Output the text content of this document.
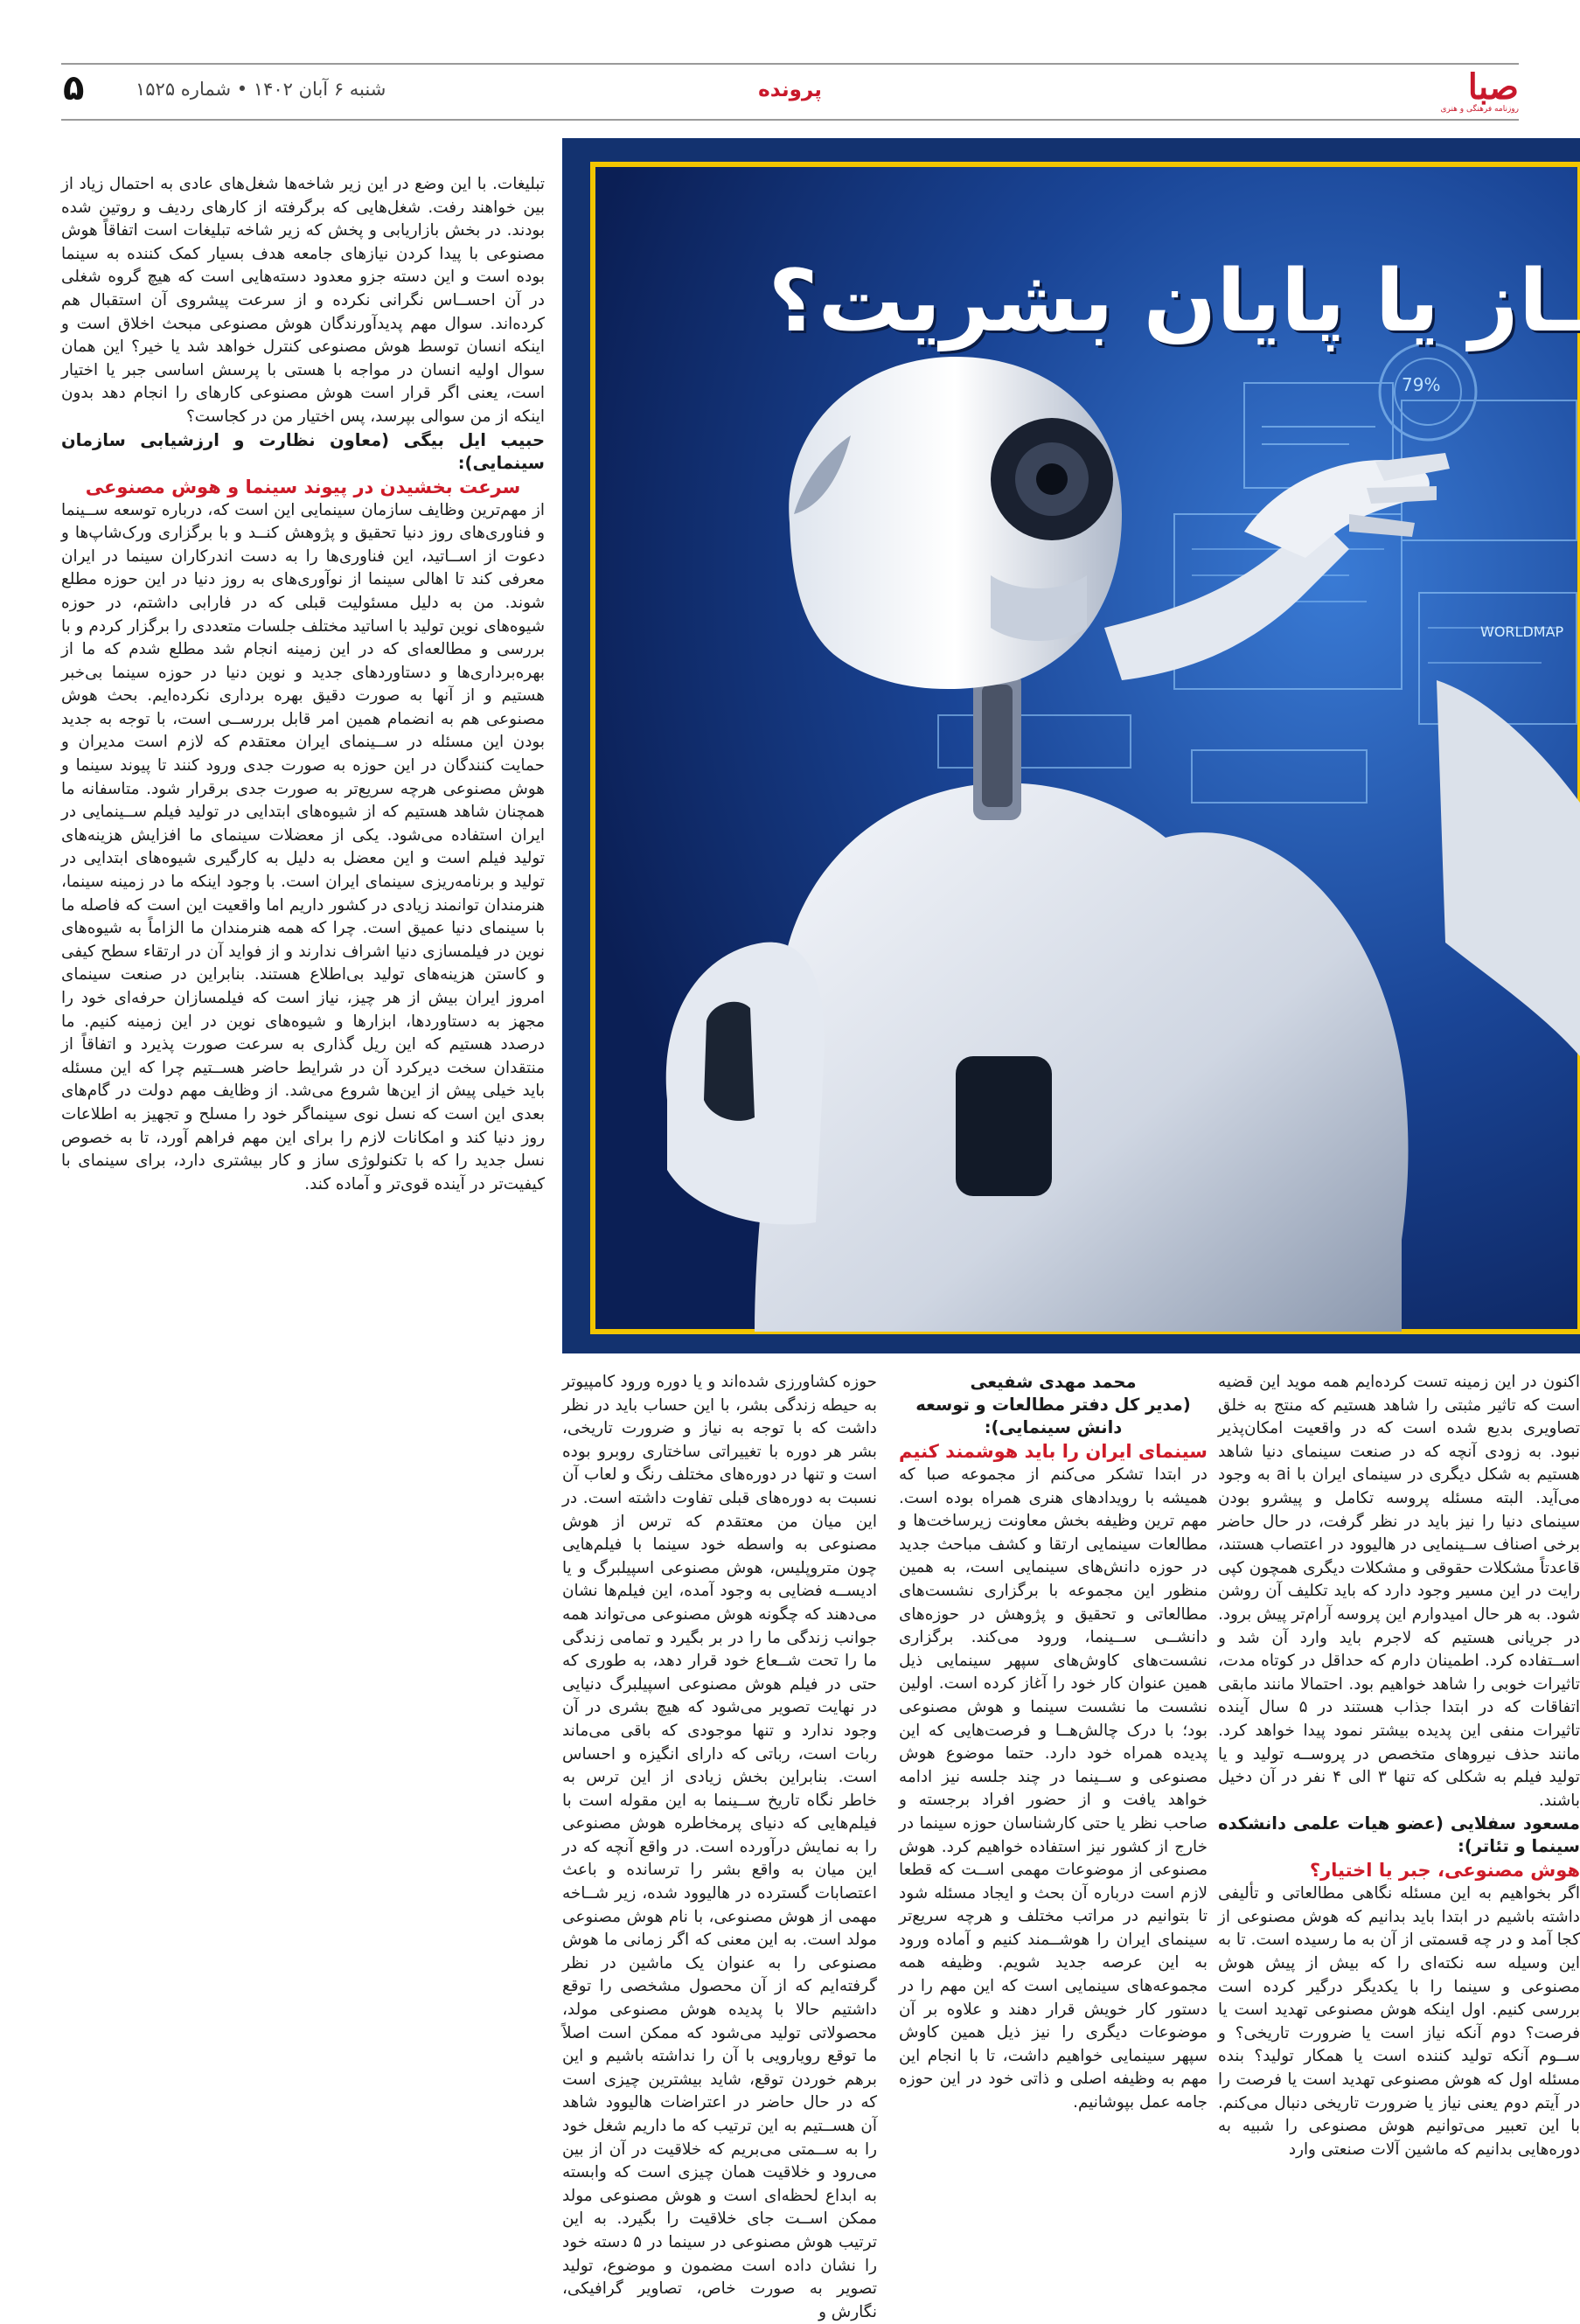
۵	شنبه ۶ آبان ۱۴۰۲ • شماره ۱۵۲۵	پرونده	صبا
روزنامه فرهنگی و هنری
ـاز یا پایان بشریت؟
79%
WORLDMAP

تبلیغات. با این وضع در این زیر شاخه‌ها شغل‌های عادی به احتمال زیاد از بین خواهند رفت. شغل‌هایی که برگرفته از کارهای ردیف و روتین شده بودند. در بخش بازاریابی و پخش که زیر شاخه تبلیغات است اتفاقاً هوش مصنوعی با پیدا کردن نیازهای جامعه هدف بسیار کمک کننده به سینما بوده است و این دسته جزو معدود دسته‌هایی است که هیچ گروه شغلی در آن احســاس نگرانی نکرده و از سرعت پیشروی آن استقبال هم کرده‌اند. سوال مهم پدیدآورندگان هوش مصنوعی مبحث اخلاق است و اینکه انسان توسط هوش مصنوعی کنترل خواهد شد یا خیر؟ این همان سوال اولیه انسان در مواجه با هستی با پرسش اساسی جبر یا اختیار است، یعنی اگر قرار است هوش مصنوعی کارهای را انجام دهد بدون اینکه از من سوالی بپرسد، پس اختیار من در کجاست؟

حبیب ایل بیگی (معاون نظارت و ارزشیابی سازمان سینمایی):

سرعت بخشیدن در پیوند سینما و هوش مصنوعی

از مهم‌ترین وظایف سازمان سینمایی این است که، درباره توسعه ســینما و فناوری‌های روز دنیا تحقیق و پژوهش کنــد و با برگزاری ورک‌شاپ‌ها و دعوت از اســاتید، این فناوری‌ها را به دست اندرکاران سینما در ایران معرفی کند تا اهالی سینما از نوآوری‌های به روز دنیا در این حوزه مطلع شوند. من به دلیل مسئولیت قبلی که در فارابی داشتم، در حوزه شیوه‌های نوین تولید با اساتید مختلف جلسات متعددی را برگزار کردم و با بررسی و مطالعه‌ای که در این زمینه انجام شد مطلع شدم که ما از بهره‌برداری‌ها و دستاوردهای جدید و نوین دنیا در حوزه سینما بی‌خبر هستیم و از آنها به صورت دقیق بهره برداری نکرده‌ایم. بحث هوش مصنوعی هم به انضمام همین امر قابل بررســی است، با توجه به جدید بودن این مسئله در ســینمای ایران معتقدم که لازم است مدیران و حمایت کنندگان در این حوزه به صورت جدی ورود کنند تا پیوند سینما و هوش مصنوعی هرچه سریع‌تر به صورت جدی برقرار شود. متاسفانه ما همچنان شاهد هستیم که از شیوه‌های ابتدایی در تولید فیلم ســینمایی در ایران استفاده می‌شود. یکی از معضلات سینمای ما افزایش هزینه‌های تولید فیلم است و این معضل به دلیل به کارگیری شیوه‌های ابتدایی در تولید و برنامه‌ریزی سینمای ایران است. با وجود اینکه ما در زمینه سینما، هنرمندان توانمند زیادی در کشور داریم اما واقعیت این است که فاصله ما با سینمای دنیا عمیق است. چرا که همه هنرمندان ما الزاماً به شیوه‌های نوین در فیلمسازی دنیا اشراف ندارند و از فواید آن در ارتقاء سطح کیفی و کاستن هزینه‌های تولید بی‌اطلاع هستند. بنابراین در صنعت سینمای امروز ایران بیش از هر چیز، نیاز است که فیلمسازان حرفه‌ای خود را مجهز به دستاوردها، ابزارها و شیوه‌های نوین در این زمینه کنیم. ما درصدد هستیم که این ریل گذاری به سرعت صورت پذیرد و اتفاقاً از منتقدان سخت دیرکرد آن در شرایط حاضر هســتیم چرا که این مسئله باید خیلی پیش از این‌ها شروع می‌شد. از وظایف مهم دولت در گام‌های بعدی این است که نسل نوی سینماگر خود را مسلح و تجهیز به اطلاعات روز دنیا کند و امکانات لازم را برای این مهم فراهم آورد، تا به خصوص نسل جدید را که با تکنولوژی ساز و کار بیشتری دارد، برای سینمای با کیفیت‌تر در آینده قوی‌تر و آماده کند.

حوزه کشاورزی شده‌اند و یا دوره ورود کامپیوتر به حیطه زندگی بشر، با این حساب باید در نظر داشت که با توجه به نیاز و ضرورت تاریخی، بشر هر دوره با تغییراتی ساختاری روبرو بوده است و تنها در دوره‌های مختلف رنگ و لعاب آن نسبت به دوره‌های قبلی تفاوت داشته است. در این میان من معتقدم که ترس از هوش مصنوعی به واسطه خود سینما با فیلم‌هایی چون متروپلیس، هوش مصنوعی اسپیلبرگ و یا ادیســه فضایی به وجود آمده، این فیلم‌ها نشان می‌دهند که چگونه هوش مصنوعی می‌تواند همه جوانب زندگی ما را در بر بگیرد و تمامی زندگی ما را تحت شــعاع خود قرار دهد، به طوری که حتی در فیلم هوش مصنوعی اسپیلبرگ دنیایی در نهایت تصویر می‌شود که هیچ بشری در آن وجود ندارد و تنها موجودی که باقی می‌ماند ربات است، رباتی که دارای انگیزه و احساس است. بنابراین بخش زیادی از این ترس به خاطر نگاه تاریخ ســینما به این مقوله است با فیلم‌هایی که دنیای پرمخاطره هوش مصنوعی را به نمایش درآورده است. در واقع آنچه که در این میان به واقع بشر را ترسانده و باعث اعتصابات گسترده در هالیوود شده، زیر شــاخه مهمی از هوش مصنوعی، با نام هوش مصنوعی مولد است. به این معنی که اگر زمانی ما هوش مصنوعی را به عنوان یک ماشین در نظر گرفته‌ایم که از آن محصول مشخصی را توقع داشتیم حالا با پدیده هوش مصنوعی مولد، محصولاتی تولید می‌شود که ممکن است اصلاً ما توقع رویارویی با آن را نداشته باشیم و این برهم خوردن توقع، شاید بیشترین چیزی است که در حال حاضر در اعتراضات هالیوود شاهد آن هســتیم به این ترتیب که ما داریم شغل خود را به ســمتی می‌بریم که خلاقیت در آن از بین می‌رود و خلاقیت همان چیزی است که وابسته به ابداع لحظه‌ای است و هوش مصنوعی مولد ممکن اســت جای خلاقیت را بگیرد. به این ترتیب هوش مصنوعی در سینما در ۵ دسته خود را نشان داده است مضمون و موضوع، تولید تصویر به صورت خاص، تصاویر گرافیکی، نگارش و

محمد مهدی شفیعی

(مدیر کل دفتر مطالعات و توسعه دانش سینمایی):

سینمای ایران را باید هوشمند کنیم

در ابتدا تشکر می‌کنم از مجموعه صبا که همیشه با رویدادهای هنری همراه بوده است. مهم ترین وظیفه بخش معاونت زیرساخت‌ها و مطالعات سینمایی ارتقا و کشف مباحث جدید در حوزه دانش‌های سینمایی است، به همین منظور این مجموعه با برگزاری نشست‌های مطالعاتی و تحقیق و پژوهش در حوزه‌های دانشــی ســینما، ورود می‌کند. برگزاری نشست‌های کاوش‌های سپهر سینمایی ذیل همین عنوان کار خود را آغاز کرده است. اولین نشست ما نشست سینما و هوش مصنوعی بود؛ با درک چالش‌هــا و فرصت‌هایی که این پدیده همراه خود دارد. حتما موضوع هوش مصنوعی و ســینما در چند جلسه نیز ادامه خواهد یافت و از حضور افراد برجسته و صاحب نظر یا حتی کارشناسان حوزه سینما در خارج از کشور نیز استفاده خواهیم کرد. هوش مصنوعی از موضوعات مهمی اســت که قطعا لازم است درباره آن بحث و ایجاد مسئله شود تا بتوانیم در مراتب مختلف و هرچه سریع‌تر سینمای ایران را هوشــمند کنیم و آماده ورود به این عرصه جدید شویم. وظیفه همه مجموعه‌های سینمایی است که این مهم را در دستور کار خویش قرار دهند و علاوه بر آن موضوعات دیگری را نیز ذیل همین کاوش سپهر سینمایی خواهیم داشت، تا با انجام این مهم به وظیفه اصلی و ذاتی خود در این حوزه جامه عمل بپوشانیم.

اکنون در این زمینه تست کرده‌ایم همه موید این قضیه است که تاثیر مثبتی را شاهد هستیم که منتج به خلق تصاویری بدیع شده است که در واقعیت امکان‌پذیر نبود. به زودی آنچه که در صنعت سینمای دنیا شاهد هستیم به شکل دیگری در سینمای ایران با ai به وجود می‌آید. البته مسئله پروسه تکامل و پیشرو بودن سینمای دنیا را نیز باید در نظر گرفت، در حال حاضر برخی اصناف ســینمایی در هالیوود در اعتصاب هستند، قاعدتاً مشکلات حقوقی و مشکلات دیگری همچون کپی رایت در این مسیر وجود دارد که باید تکلیف آن روشن شود. به هر حال امیدوارم این پروسه آرام‌تر پیش برود. در جریانی هستیم که لاجرم باید وارد آن شد و اســتفاده کرد. اطمینان دارم که حداقل در کوتاه مدت، تاثیرات خوبی را شاهد خواهیم بود. احتمالا مانند مابقی اتفاقات که در ابتدا جذاب هستند در ۵ سال آینده تاثیرات منفی این پدیده بیشتر نمود پیدا خواهد کرد. مانند حذف نیروهای متخصص در پروســه تولید و یا تولید فیلم به شکلی که تنها ۳ الی ۴ نفر در آن دخیل باشند.

مسعود سفلایی (عضو هیات علمی دانشکده سینما و تئاتر):

هوش مصنوعی، جبر یا اختیار؟

اگر بخواهیم به این مسئله نگاهی مطالعاتی و تألیفی داشته باشیم در ابتدا باید بدانیم که هوش مصنوعی از کجا آمد و در چه قسمتی از آن به ما رسیده است. تا به این وسیله سه نکته‌ای را که بیش از پیش هوش مصنوعی و سینما را با یکدیگر درگیر کرده است بررسی کنیم. اول اینکه هوش مصنوعی تهدید است یا فرصت؟ دوم آنکه نیاز است یا ضرورت تاریخی؟ و ســوم آنکه تولید کننده است یا همکار تولید؟ بنده مسئله اول که هوش مصنوعی تهدید است یا فرصت را در آیتم دوم یعنی نیاز یا ضرورت تاریخی دنبال می‌کنم. با این تعبیر می‌توانیم هوش مصنوعی را شبیه به دوره‌هایی بدانیم که ماشین آلات صنعتی وارد
